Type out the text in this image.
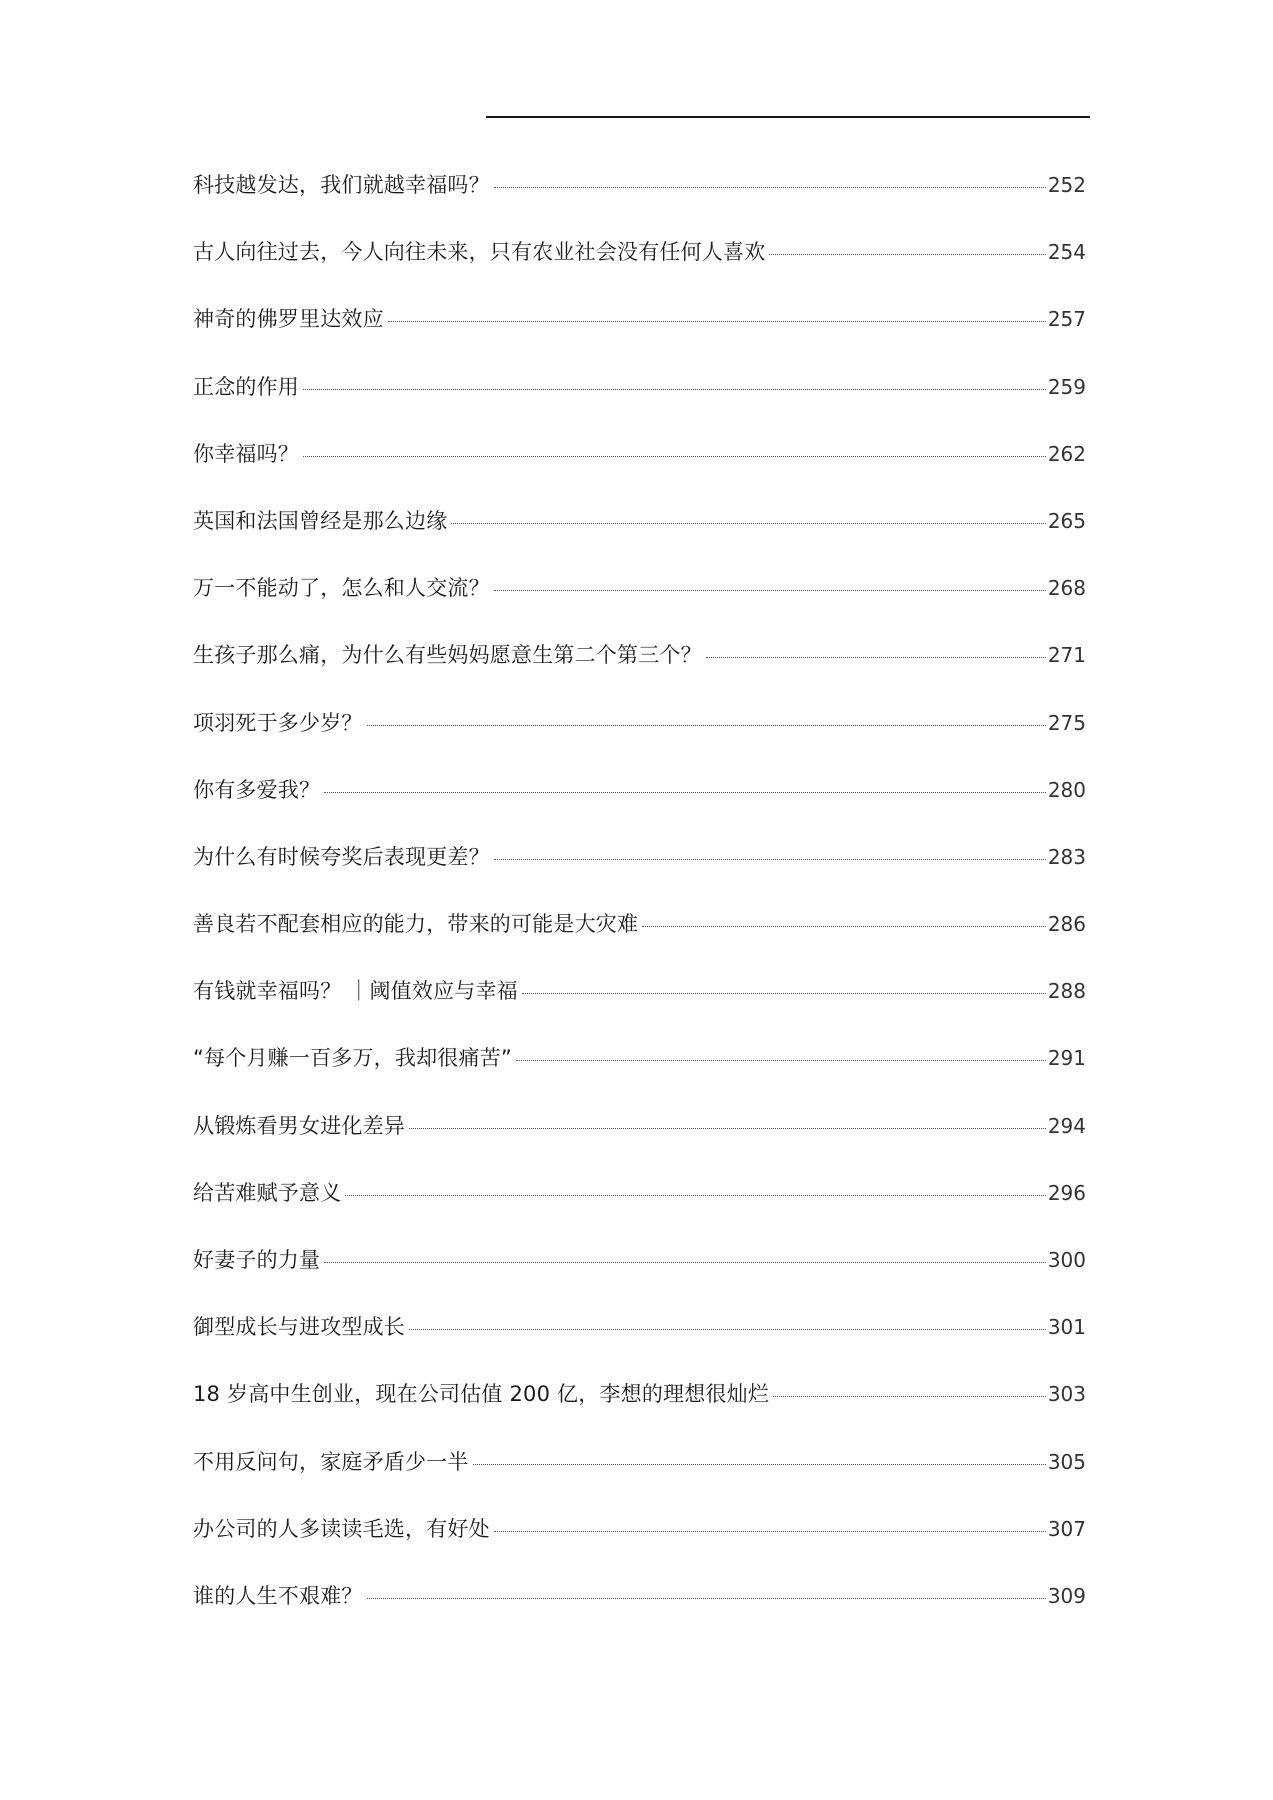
科技越发达，我们就越幸福吗？	252
古人向往过去，今人向往未来，只有农业社会没有任何人喜欢	254
神奇的佛罗里达效应	257
正念的作用	259
你幸福吗？	262
英国和法国曾经是那么边缘	265
万一不能动了，怎么和人交流？	268
生孩子那么痛，为什么有些妈妈愿意生第二个第三个？	271
项羽死于多少岁？	275
你有多爱我？	280
为什么有时候夸奖后表现更差？	283
善良若不配套相应的能力，带来的可能是大灾难	286
有钱就幸福吗？ ｜阈值效应与幸福	288
“每个月赚一百多万，我却很痛苦”	291
从锻炼看男女进化差异	294
给苦难赋予意义	296
好妻子的力量	300
御型成长与进攻型成长	301
18 岁高中生创业，现在公司估值 200 亿，李想的理想很灿烂	303
不用反问句，家庭矛盾少一半	305
办公司的人多读读毛选，有好处	307
谁的人生不艰难？	309
